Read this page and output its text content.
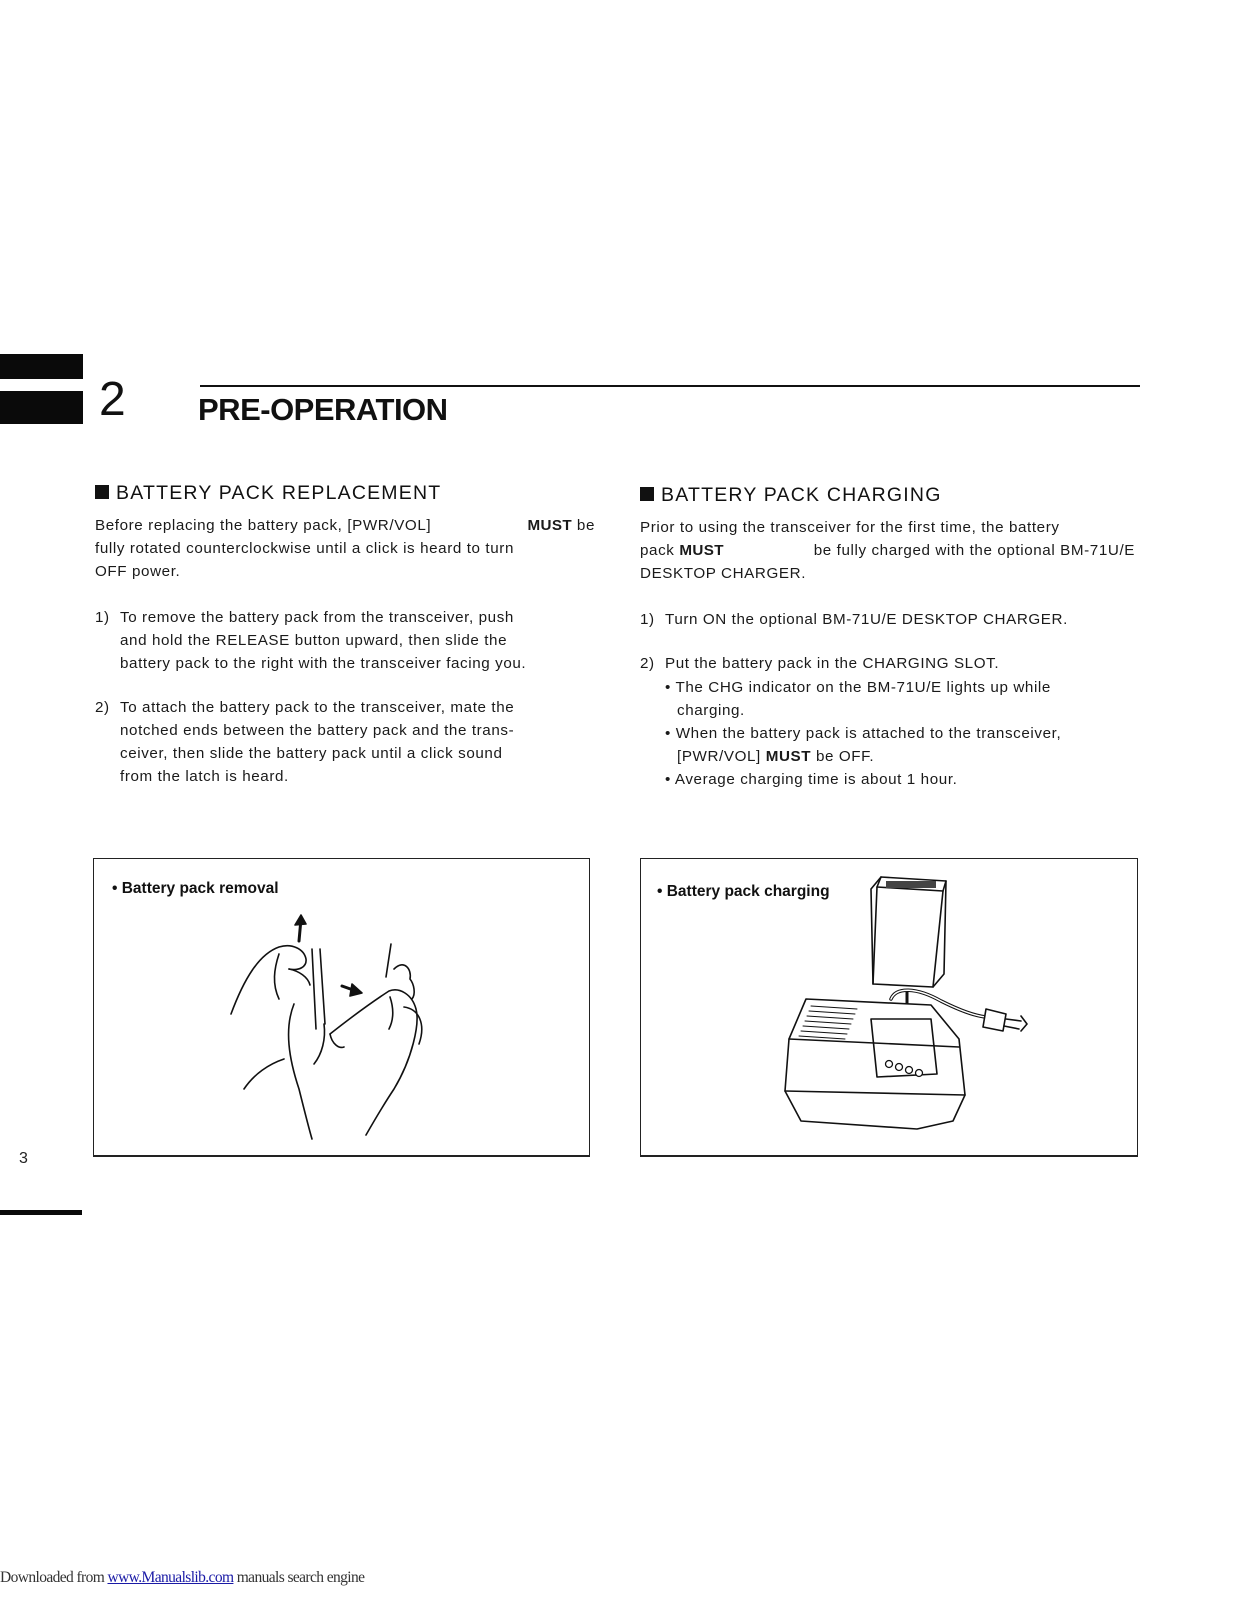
2 PRE-OPERATION
BATTERY PACK REPLACEMENT
Before replacing the battery pack, [PWR/VOL]	MUST be
fully rotated counterclockwise until a click is heard to turn
OFF power.
1) To remove the battery pack from the transceiver, push
and hold the RELEASE button upward, then slide the
battery pack to the right with the transceiver facing you.
2) To attach the battery pack to the transceiver, mate the
notched ends between the battery pack and the trans-
ceiver, then slide the battery pack until a click sound
from the latch is heard.
BATTERY PACK CHARGING
Prior to using the transceiver for the first time, the battery
pack MUST	be fully charged with the optional BM-71U/E
DESKTOP CHARGER.
1) Turn ON the optional BM-71U/E DESKTOP CHARGER.
2) Put the battery pack in the CHARGING SLOT.
• The CHG indicator on the BM-71U/E lights up while
charging.
• When the battery pack is attached to the transceiver,
[PWR/VOL] MUST be OFF.
• Average charging time is about 1 hour.
• Battery pack removal	• Battery pack charging
3
Downloaded from www.Manualslib.com manuals search engine
